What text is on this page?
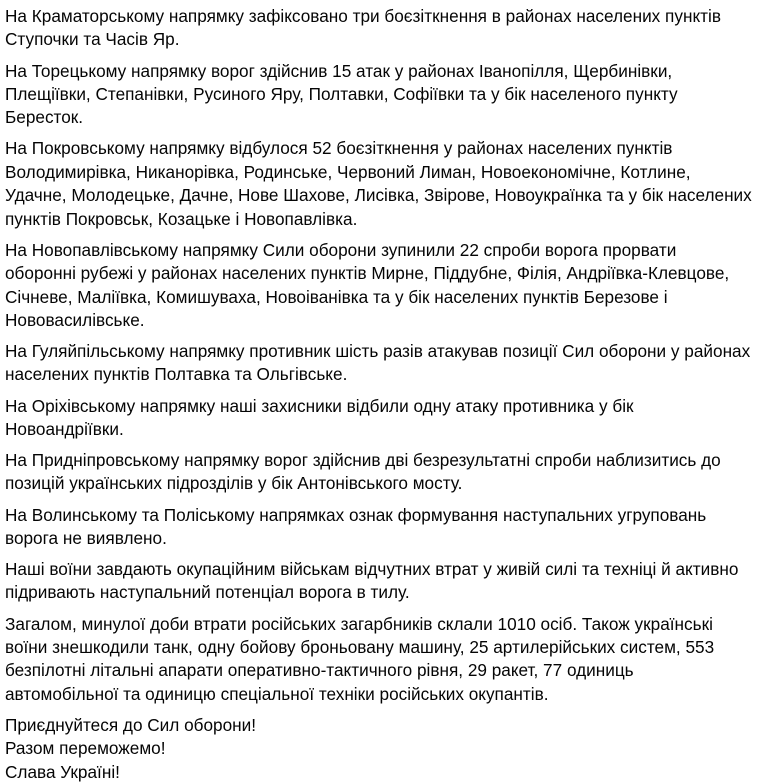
На Краматорському напрямку зафіксовано три боєзіткнення в районах населених пунктів
Ступочки та Часів Яр.

На Торецькому напрямку ворог здійснив 15 атак у районах Іванопілля, Щербинівки,
Плещіївки, Степанівки, Русиного Яру, Полтавки, Софіївки та у бік населеного пункту
Бересток.

На Покровському напрямку відбулося 52 боєзіткнення у районах населених пунктів
Володимирівка, Никанорівка, Родинське, Червоний Лиман, Новоекономічне, Котлине,
Удачне, Молодецьке, Дачне, Нове Шахове, Лисівка, Звірове, Новоукраїнка та у бік населених
пунктів Покровськ, Козацьке і Новопавлівка.

На Новопавлівському напрямку Сили оборони зупинили 22 спроби ворога прорвати
оборонні рубежі у районах населених пунктів Мирне, Піддубне, Філія, Андріївка-Клевцове,
Січневе, Маліївка, Комишуваха, Новоіванівка та у бік населених пунктів Березове і
Нововасилівське.

На Гуляйпільському напрямку противник шість разів атакував позиції Сил оборони у районах
населених пунктів Полтавка та Ольгівське.

На Оріхівському напрямку наші захисники відбили одну атаку противника у бік
Новоандріївки.

На Придніпровському напрямку ворог здійснив дві безрезультатні спроби наблизитись до
позицій українських підрозділів у бік Антонівського мосту.

На Волинському та Поліському напрямках ознак формування наступальних угруповань
ворога не виявлено.

Наші воїни завдають окупаційним військам відчутних втрат у живій силі та техніці й активно
підривають наступальний потенціал ворога в тилу.

Загалом, минулої доби втрати російських загарбників склали 1010 осіб. Також українські
воїни знешкодили танк, одну бойову броньовану машину, 25 артилерійських систем, 553
безпілотні літальні апарати оперативно-тактичного рівня, 29 ракет, 77 одиниць
автомобільної та одиницю спеціальної техніки російських окупантів.

Приєднуйтеся до Сил оборони!

Разом переможемо!

Слава Україні!
